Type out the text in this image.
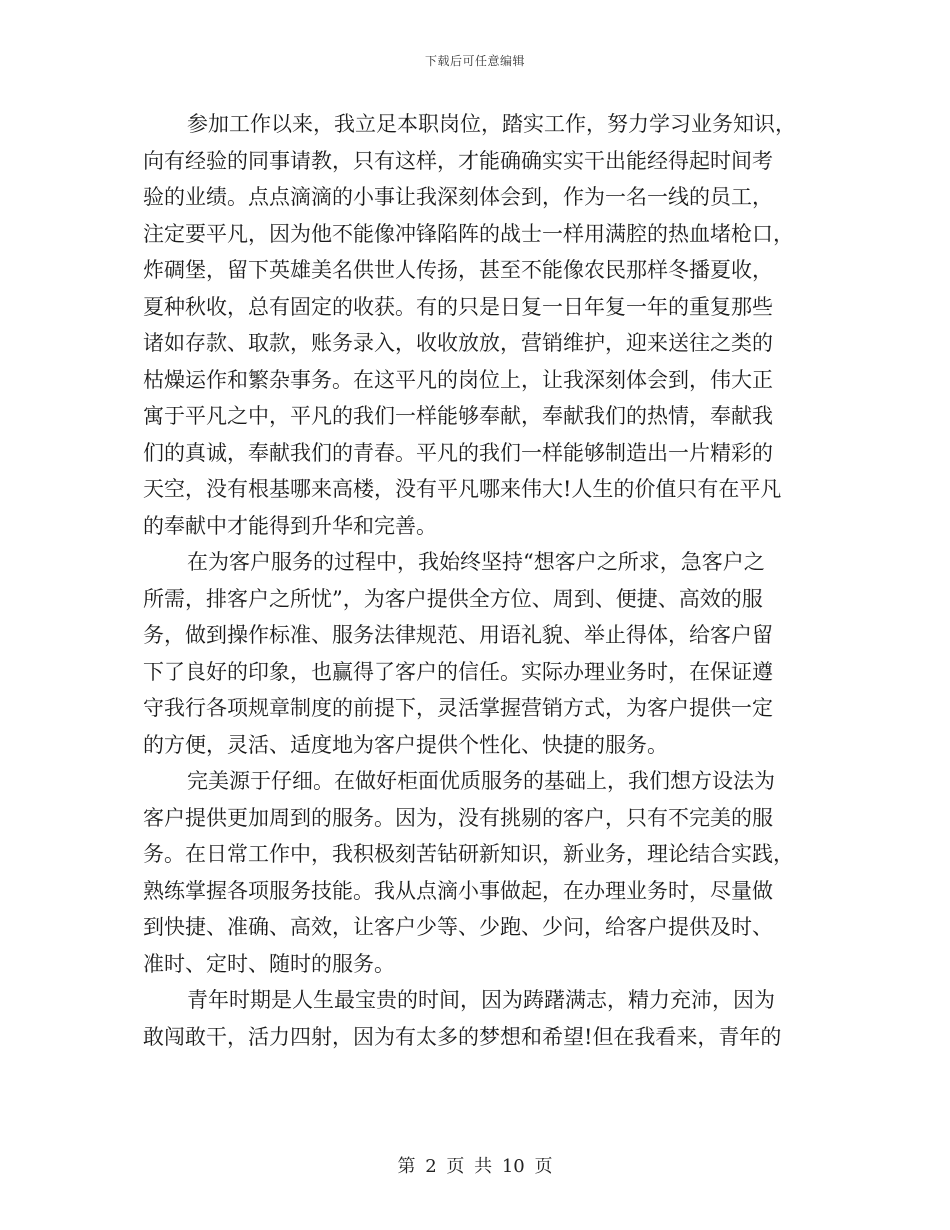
下载后可任意编辑
参加工作以来，我立足本职岗位，踏实工作，努力学习业务知识，
向有经验的同事请教，只有这样，才能确确实实干出能经得起时间考
验的业绩。点点滴滴的小事让我深刻体会到，作为一名一线的员工，
注定要平凡，因为他不能像冲锋陷阵的战士一样用满腔的热血堵枪口，
炸碉堡，留下英雄美名供世人传扬，甚至不能像农民那样冬播夏收，
夏种秋收，总有固定的收获。有的只是日复一日年复一年的重复那些
诸如存款、取款，账务录入，收收放放，营销维护，迎来送往之类的
枯燥运作和繁杂事务。在这平凡的岗位上，让我深刻体会到，伟大正
寓于平凡之中，平凡的我们一样能够奉献，奉献我们的热情，奉献我
们的真诚，奉献我们的青春。平凡的我们一样能够制造出一片精彩的
天空，没有根基哪来高楼，没有平凡哪来伟大!人生的价值只有在平凡
的奉献中才能得到升华和完善。
在为客户服务的过程中，我始终坚持“想客户之所求，急客户之
所需，排客户之所忧”，为客户提供全方位、周到、便捷、高效的服
务，做到操作标准、服务法律规范、用语礼貌、举止得体，给客户留
下了良好的印象，也赢得了客户的信任。实际办理业务时，在保证遵
守我行各项规章制度的前提下，灵活掌握营销方式，为客户提供一定
的方便，灵活、适度地为客户提供个性化、快捷的服务。
完美源于仔细。在做好柜面优质服务的基础上，我们想方设法为
客户提供更加周到的服务。因为，没有挑剔的客户，只有不完美的服
务。在日常工作中，我积极刻苦钻研新知识，新业务，理论结合实践，
熟练掌握各项服务技能。我从点滴小事做起，在办理业务时，尽量做
到快捷、准确、高效，让客户少等、少跑、少问，给客户提供及时、
准时、定时、随时的服务。
青年时期是人生最宝贵的时间，因为踌躇满志，精力充沛，因为
敢闯敢干，活力四射，因为有太多的梦想和希望!但在我看来，青年的
第 2 页 共 10 页
